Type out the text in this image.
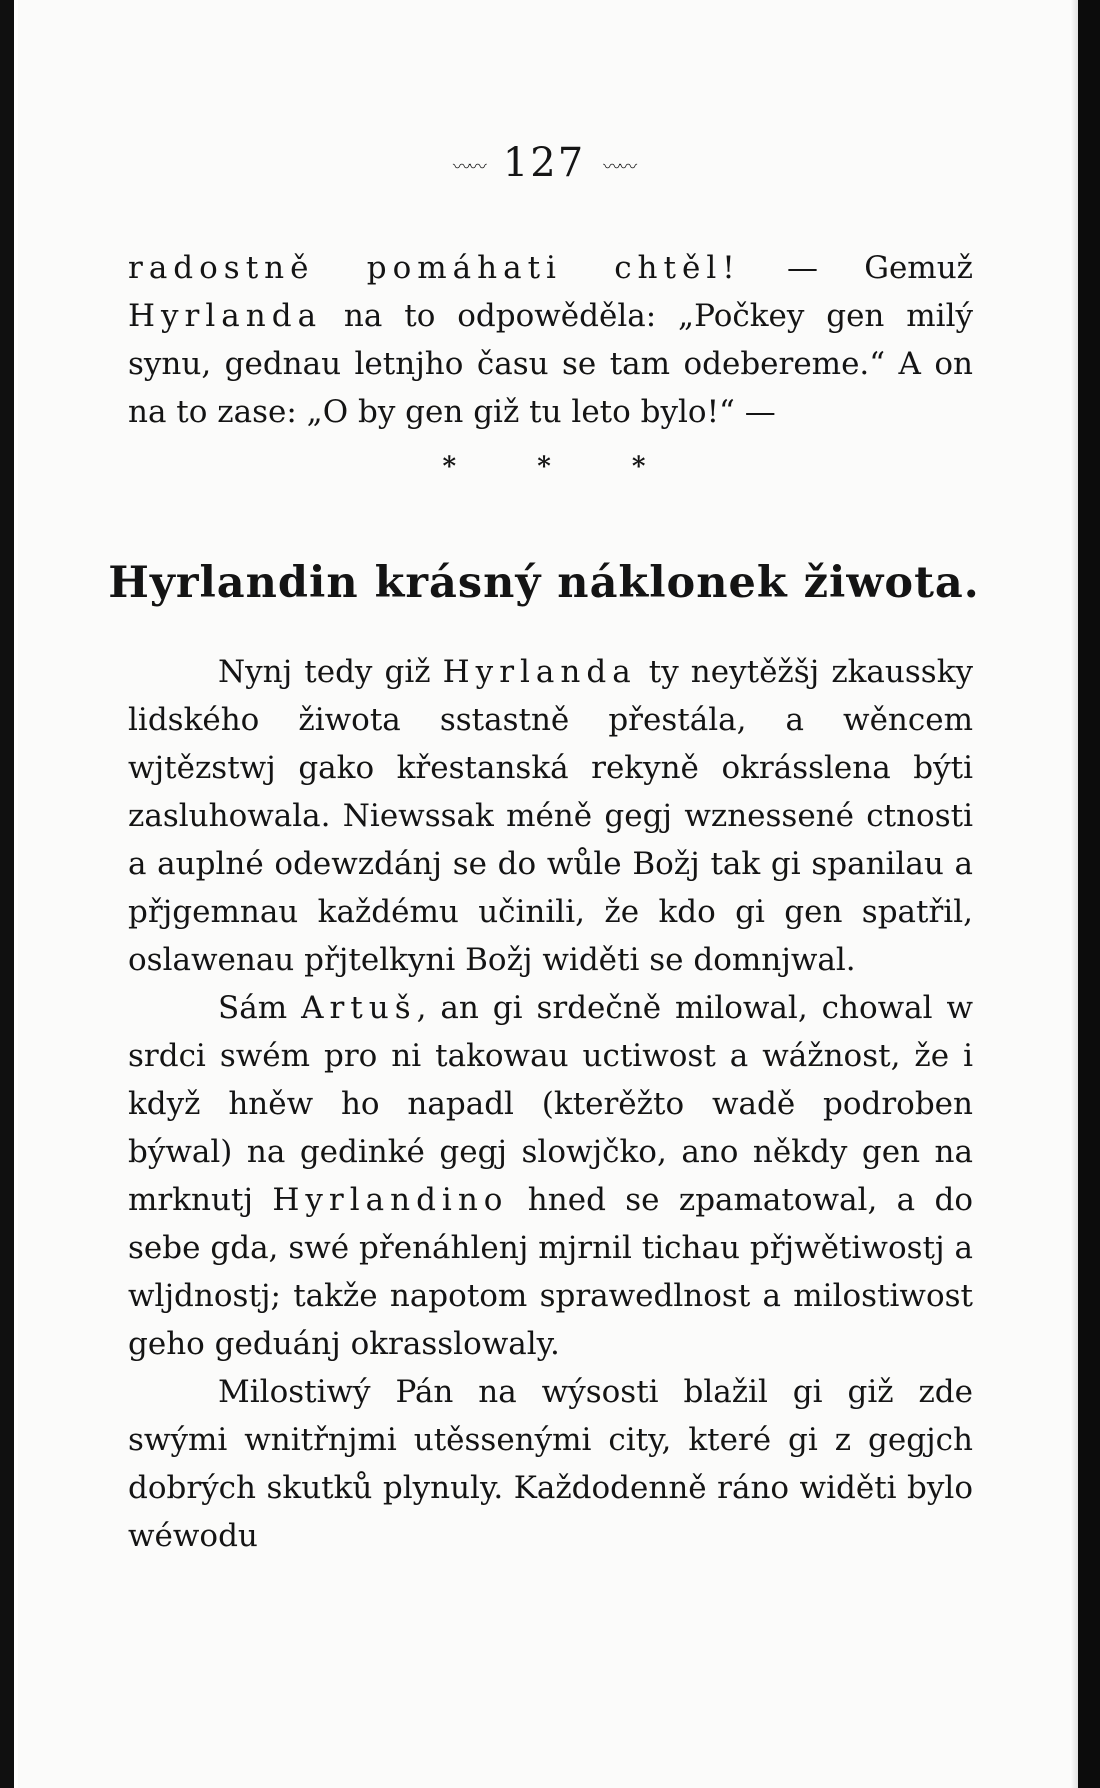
〰〰 127 〰〰

radostně pomáhati chtěl! — Gemuž Hyrlanda na to odpowěděla: „Počkey gen milý synu, gednau letnjho času se tam odebereme.“ A on na to zase: „O by gen giž tu leto bylo!“ —

* * *
Hyrlandin krásný náklonek žiwota.

Nynj tedy giž Hyrlanda ty neytěžšj zkaussky lidského žiwota sstastně přestála, a wěncem wjtězstwj gako křestanská rekyně okrásslena býti zasluhowala. Niewssak méně gegj wznessené ctnosti a auplné odewzdánj se do wůle Božj tak gi spanilau a přjgemnau každému učinili, že kdo gi gen spatřil, oslawenau přjtelkyni Božj widěti se domnjwal.

Sám Artuš, an gi srdečně milowal, chowal w srdci swém pro ni takowau uctiwost a wážnost, že i když hněw ho napadl (kterěžto wadě podroben býwal) na gedinké gegj slowjčko, ano někdy gen na mrknutj Hyrlandino hned se zpamatowal, a do sebe gda, swé přenáhlenj mjrnil tichau přjwětiwostj a wljdnostj; takže napotom sprawedlnost a milostiwost geho geduánj okrasslowaly.

Milostiwý Pán na wýsosti blažil gi giž zde swými wnitřnjmi utěssenými city, které gi z gegjch dobrých skutků plynuly. Každodenně ráno widěti bylo wéwodu
